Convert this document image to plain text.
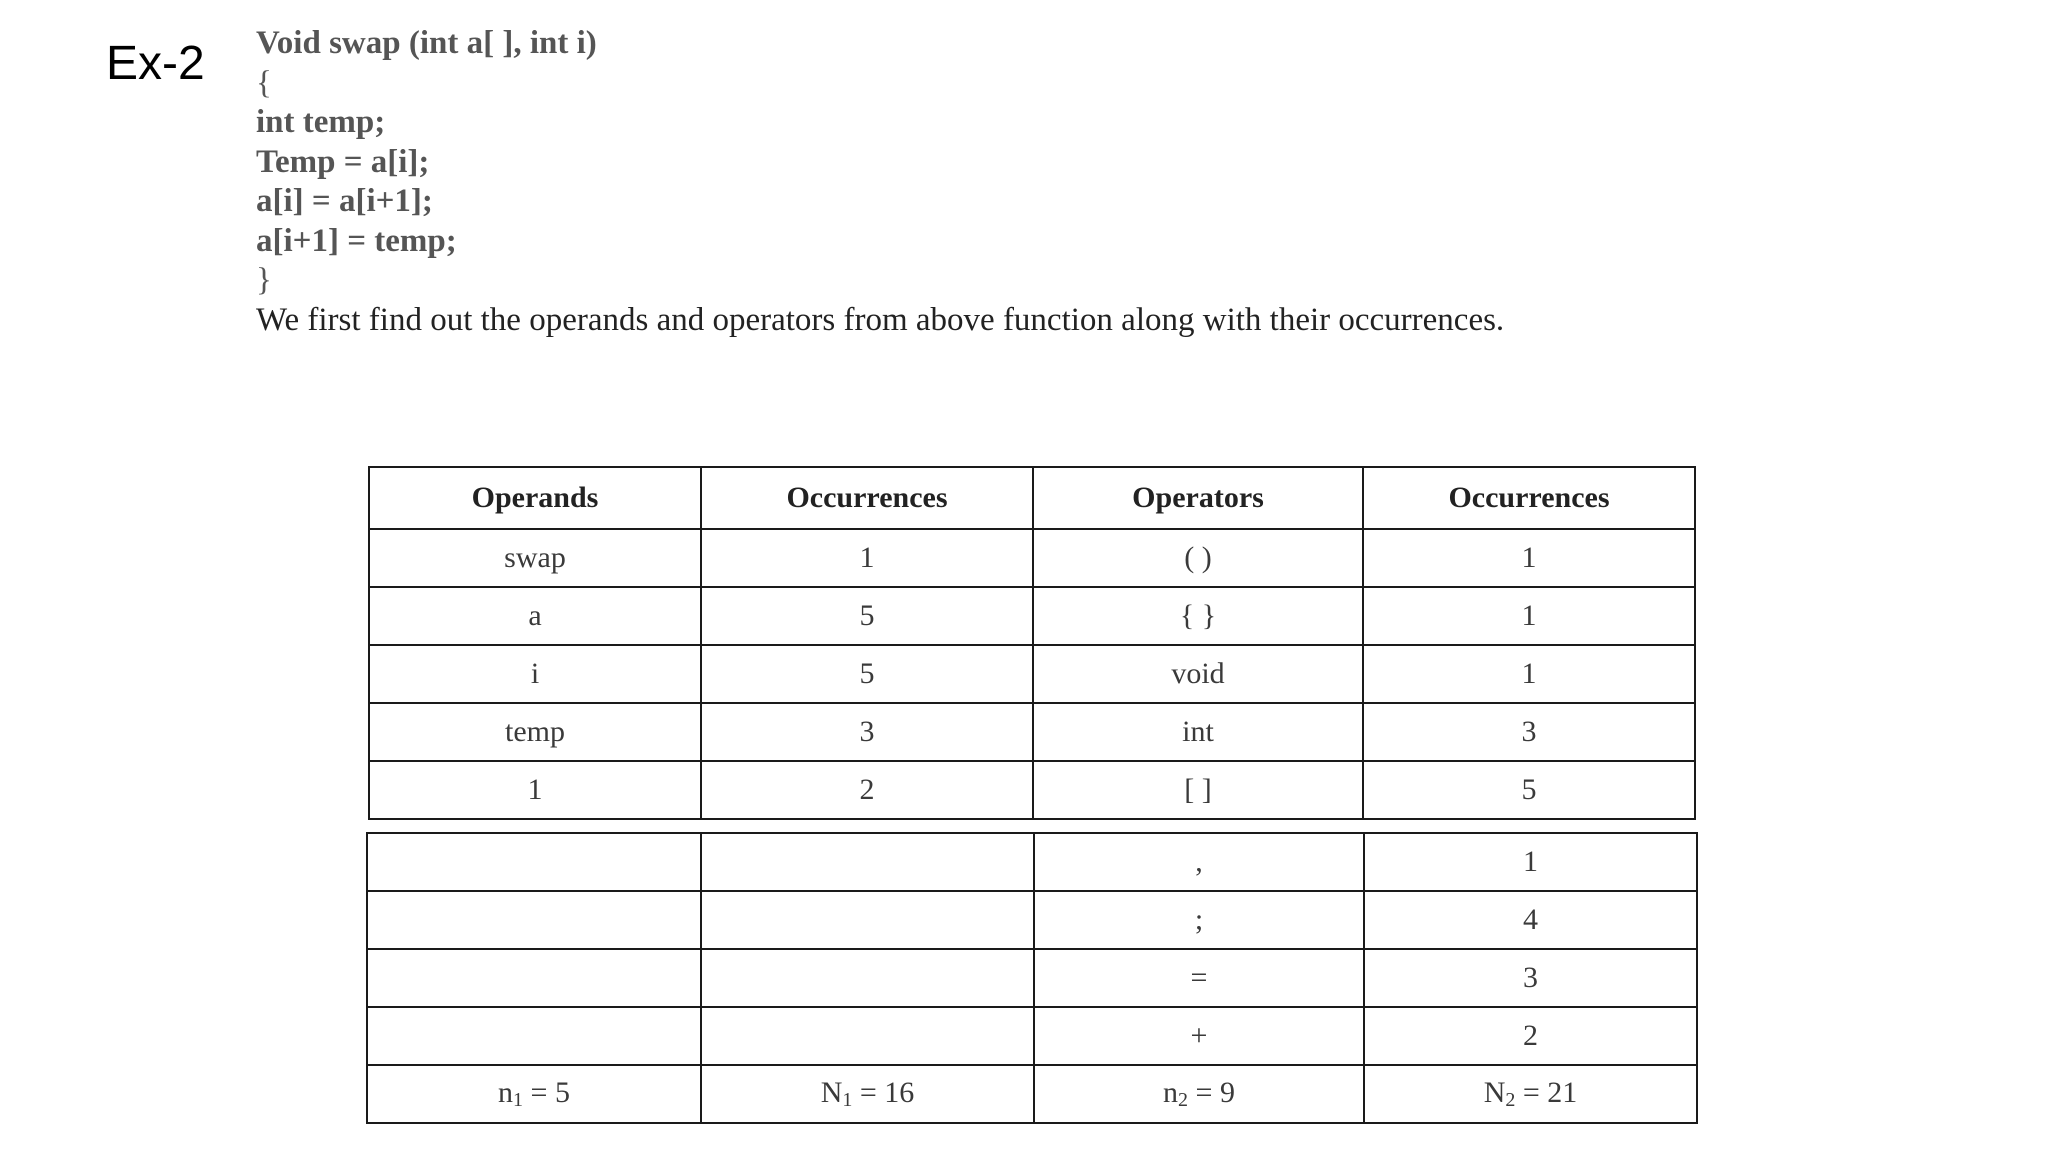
Ex-2 Void swap (int a[ ], int i)
{
int temp;
Temp = a[i];
a[i] = a[i+1];
a[i+1] = temp;
}
We first find out the operands and operators from above function along with their occurrences.
Operands	Occurrences	Operators	Occurrences
swap	1	( )	1
a	5	{ }	1
i	5	void	1
temp	3	int	3
1	2	[ ]	5
		,	1
		;	4
		=	3
		+	2
$n_1 = 5$	$N_1 = 16$	$n_2 = 9$	$N_2 = 21$
